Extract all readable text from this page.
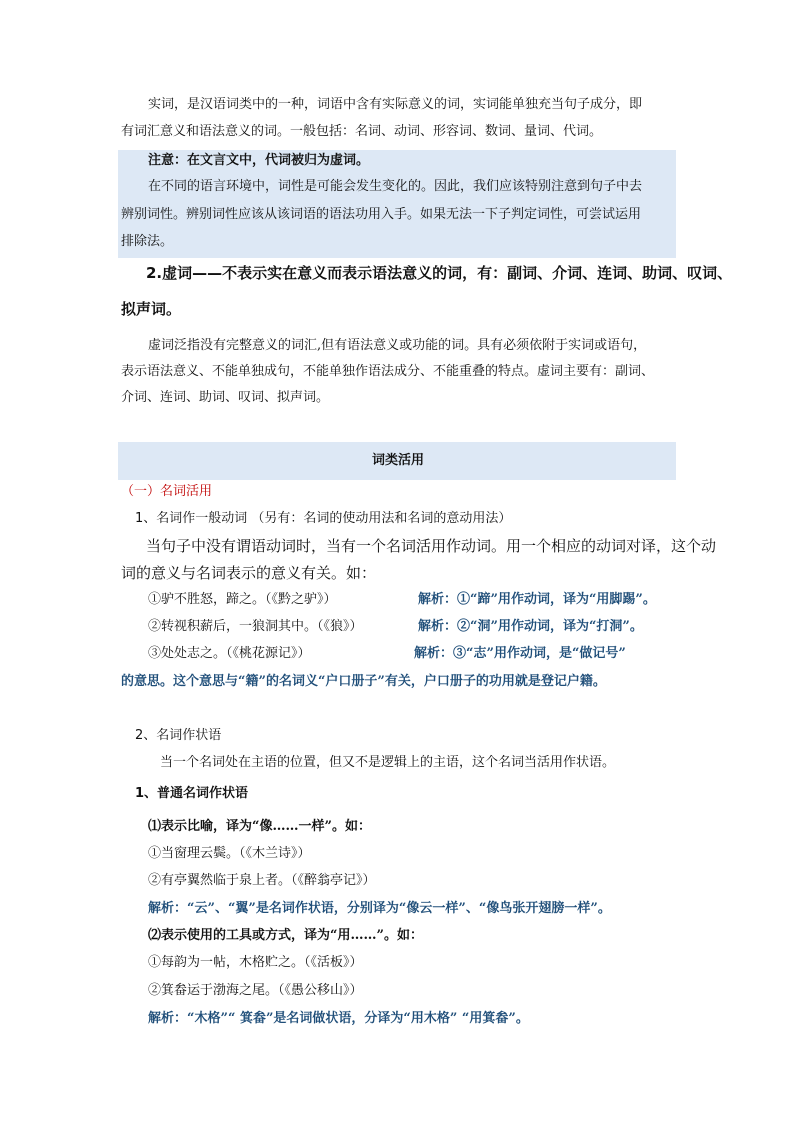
实词，是汉语词类中的一种，词语中含有实际意义的词，实词能单独充当句子成分，即
有词汇意义和语法意义的词。一般包括：名词、动词、形容词、数词、量词、代词。
注意：在文言文中，代词被归为虚词。
在不同的语言环境中，词性是可能会发生变化的。因此，我们应该特别注意到句子中去
辨别词性。辨别词性应该从该词语的语法功用入手。如果无法一下子判定词性，可尝试运用
排除法。
2.虚词——不表示实在意义而表示语法意义的词，有：副词、介词、连词、助词、叹词、
拟声词。
虚词泛指没有完整意义的词汇,但有语法意义或功能的词。具有必须依附于实词或语句，
表示语法意义、不能单独成句，不能单独作语法成分、不能重叠的特点。虚词主要有：副词、
介词、连词、助词、叹词、拟声词。
词类活用
（一）名词活用
1、名词作一般动词 （另有：名词的使动用法和名词的意动用法）
当句子中没有谓语动词时，当有一个名词活用作动词。用一个相应的动词对译，这个动
词的意义与名词表示的意义有关。如：
①驴不胜怒，蹄之。（《黔之驴》）	解析：①“蹄”用作动词，译为“用脚踢”。
②转视积薪后，一狼洞其中。（《狼》）	解析：②“洞”用作动词，译为“打洞”。
③处处志之。（《桃花源记》）	解析：③“志”用作动词，是“做记号”
的意思。这个意思与“籍”的名词义“户口册子”有关，户口册子的功用就是登记户籍。
2、名词作状语
当一个名词处在主语的位置，但又不是逻辑上的主语，这个名词当活用作状语。
1、普通名词作状语
⑴表示比喻，译为“像……一样”。如：
①当窗理云鬓。（《木兰诗》）
②有亭翼然临于泉上者。（《醉翁亭记》）
解析：“云”、“翼”是名词作状语，分别译为“像云一样”、“像鸟张开翅膀一样”。
⑵表示使用的工具或方式，译为“用……”。如：
①每韵为一帖，木格贮之。（《活板》）
②箕畚运于渤海之尾。（《愚公移山》）
解析：“木格”“ 箕畚”是名词做状语，分译为“用木格” “用箕畚”。
